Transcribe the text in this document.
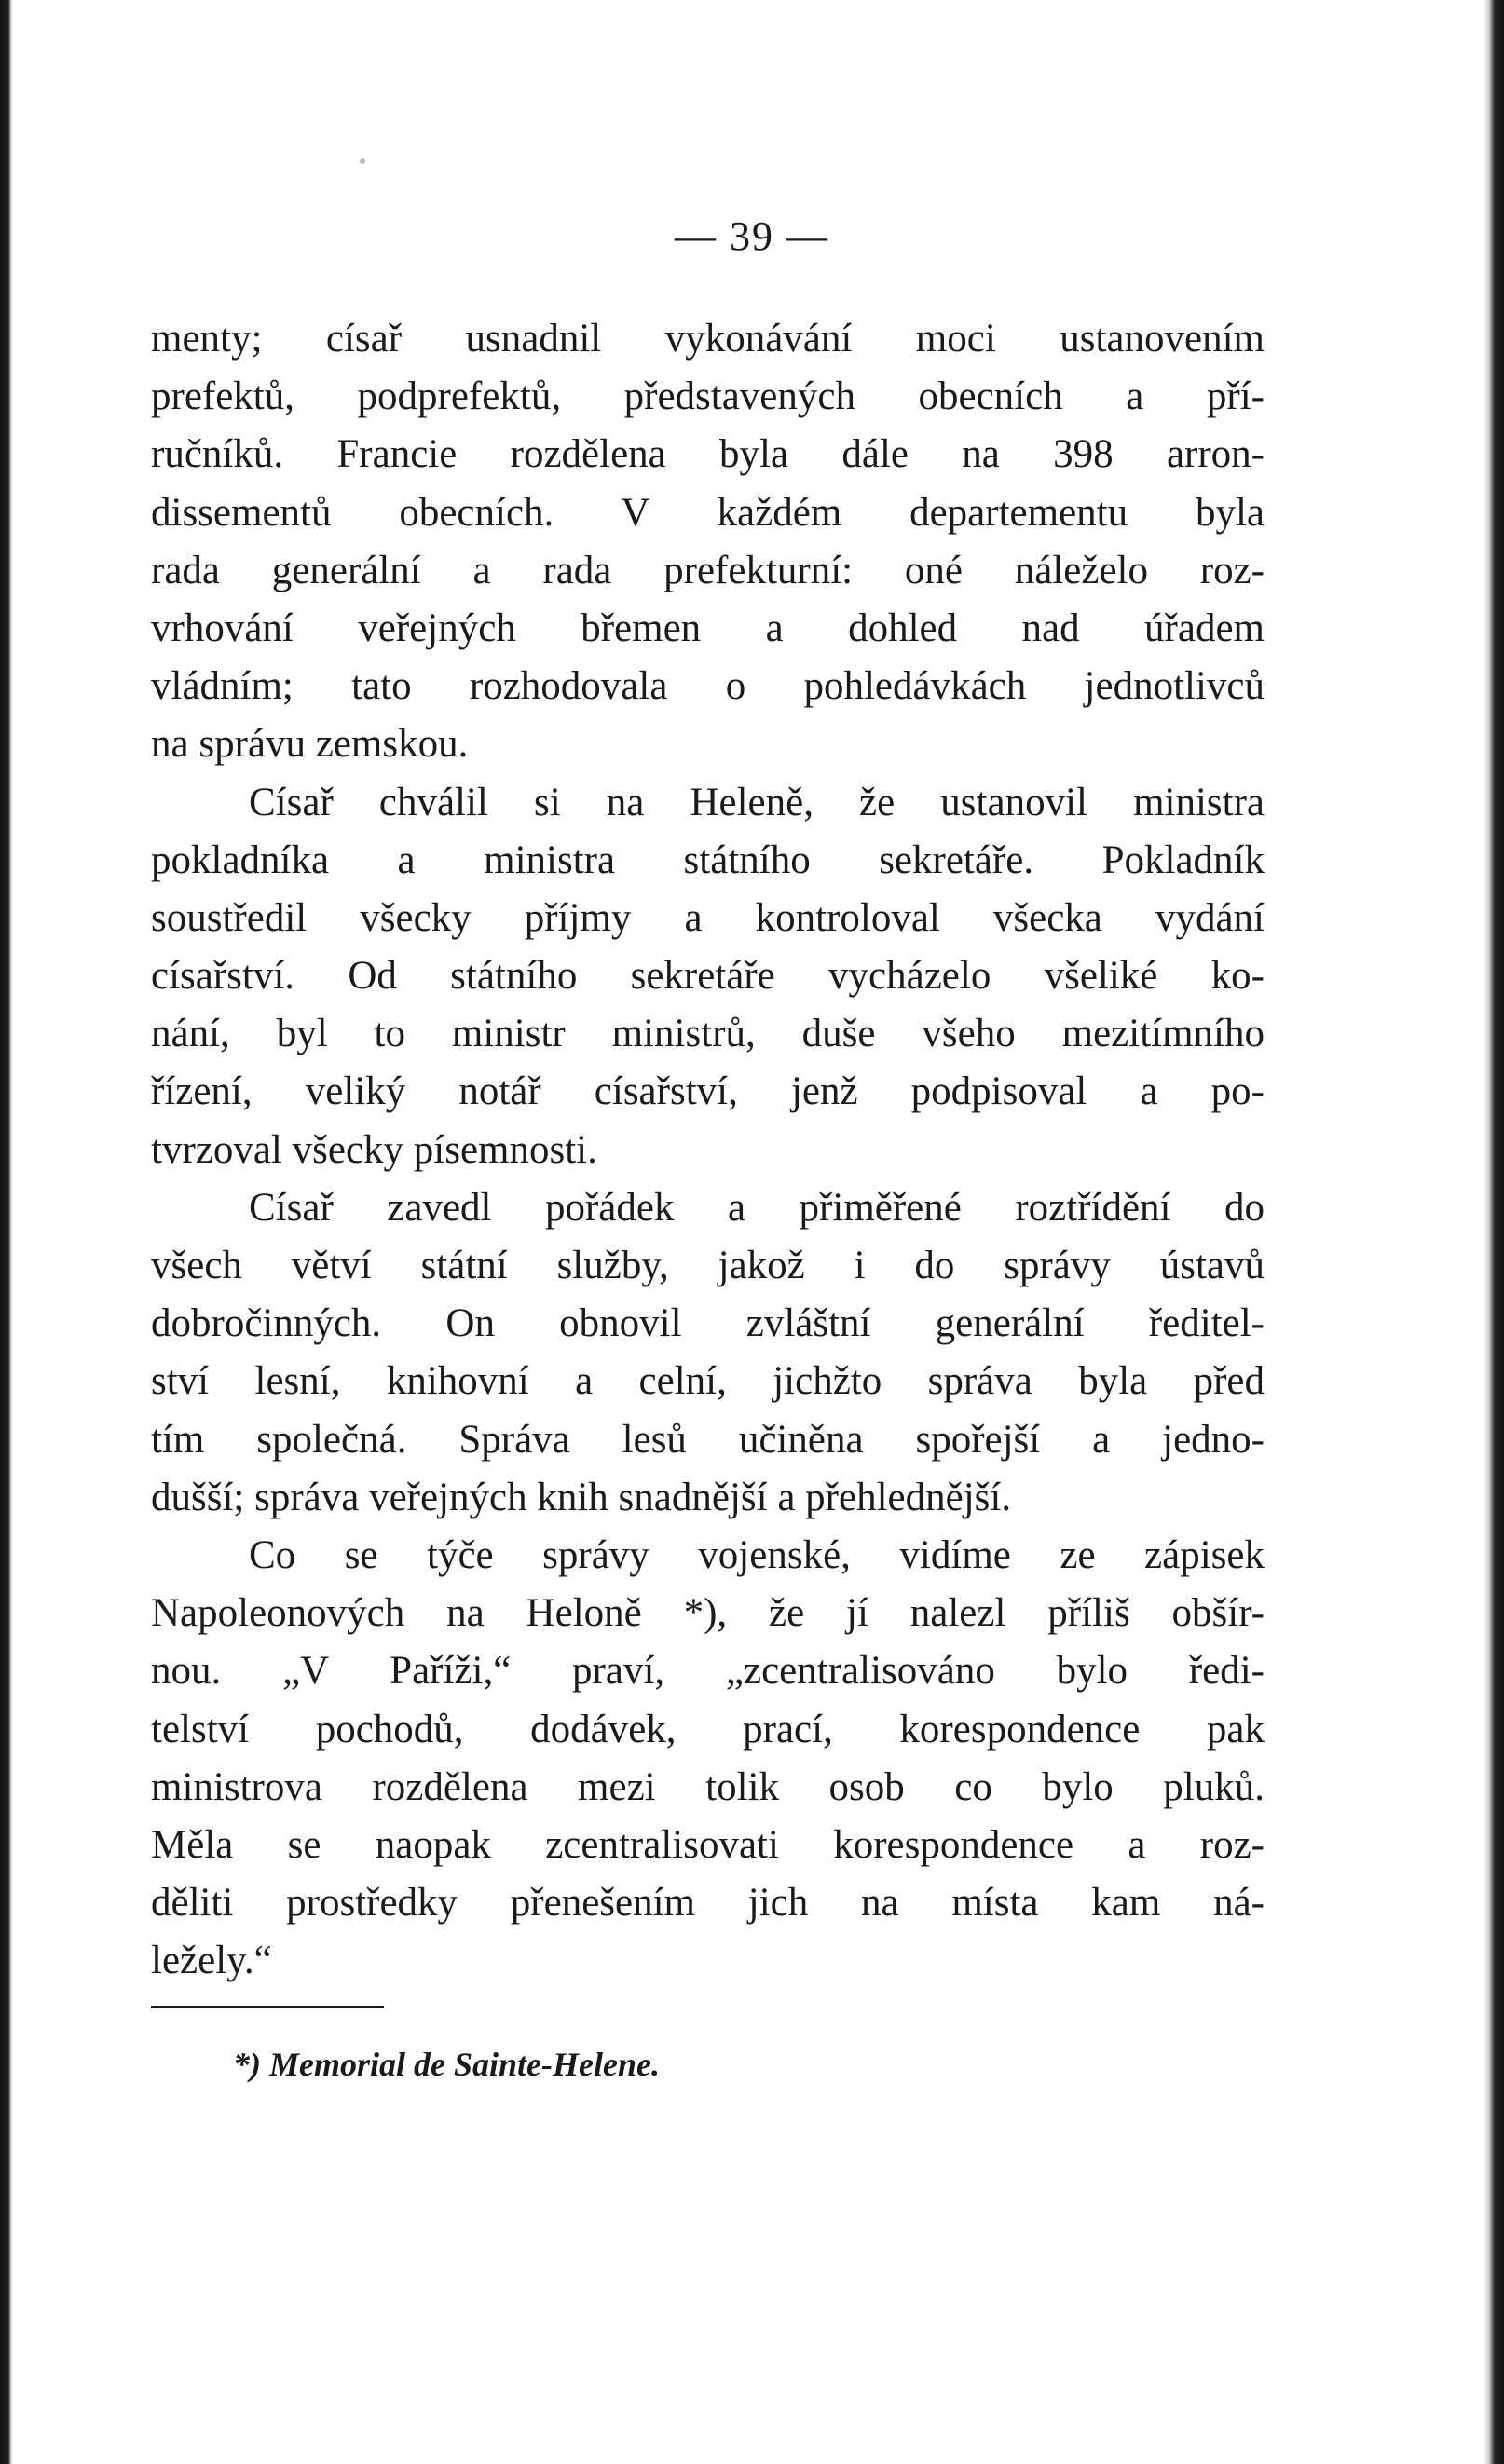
— 39 —
menty; císař usnadnil vykonávání moci ustanovením
prefektů, podprefektů, představených obecních a pří-
ručníků. Francie rozdělena byla dále na 398 arron-
dissementů obecních. V každém departementu byla
rada generální a rada prefekturní: oné náleželo roz-
vrhování veřejných břemen a dohled nad úřadem
vládním; tato rozhodovala o pohledávkách jednotlivců
na správu zemskou.
Císař chválil si na Heleně, že ustanovil ministra
pokladníka a ministra státního sekretáře. Pokladník
soustředil všecky příjmy a kontroloval všecka vydání
císařství. Od státního sekretáře vycházelo všeliké ko-
nání, byl to ministr ministrů, duše všeho mezitímního
řízení, veliký notář císařství, jenž podpisoval a po-
tvrzoval všecky písemnosti.
Císař zavedl pořádek a přiměřené roztřídění do
všech větví státní služby, jakož i do správy ústavů
dobročinných. On obnovil zvláštní generální ředitel-
ství lesní, knihovní a celní, jichžto správa byla před
tím společná. Správa lesů učiněna spořejší a jedno-
dušší; správa veřejných knih snadnější a přehlednější.
Co se týče správy vojenské, vidíme ze zápisek
Napoleonových na Heloně *), že jí nalezl příliš obšír-
nou. „V Paříži,“ praví, „zcentralisováno bylo ředi-
telství pochodů, dodávek, prací, korespondence pak
ministrova rozdělena mezi tolik osob co bylo pluků.
Měla se naopak zcentralisovati korespondence a roz-
děliti prostředky přenešením jich na místa kam ná-
ležely.“
*) Memorial de Sainte-Helene.
